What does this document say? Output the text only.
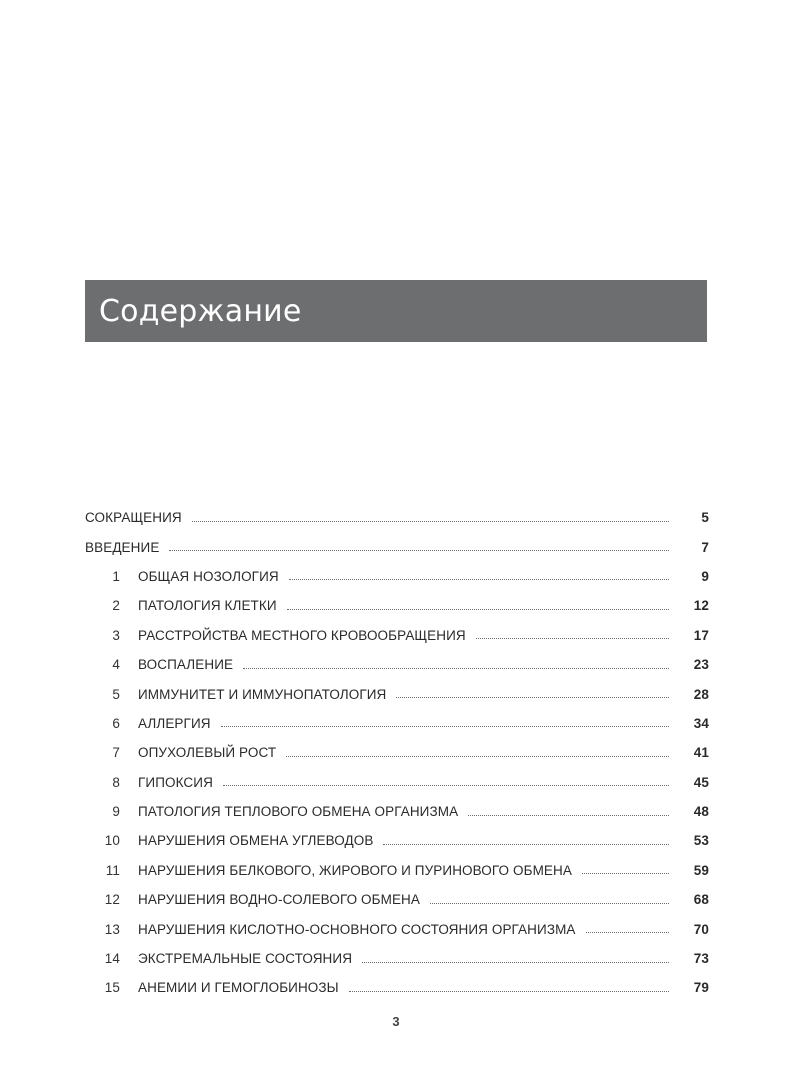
Содержание
СОКРАЩЕНИЯ	5
ВВЕДЕНИЕ	7
1 ОБЩАЯ НОЗОЛОГИЯ	9
2 ПАТОЛОГИЯ КЛЕТКИ	12
3 РАССТРОЙСТВА МЕСТНОГО КРОВООБРАЩЕНИЯ	17
4 ВОСПАЛЕНИЕ	23
5 ИММУНИТЕТ И ИММУНОПАТОЛОГИЯ	28
6 АЛЛЕРГИЯ	34
7 ОПУХОЛЕВЫЙ РОСТ	41
8 ГИПОКСИЯ	45
9 ПАТОЛОГИЯ ТЕПЛОВОГО ОБМЕНА ОРГАНИЗМА	48
10 НАРУШЕНИЯ ОБМЕНА УГЛЕВОДОВ	53
11 НАРУШЕНИЯ БЕЛКОВОГО, ЖИРОВОГО И ПУРИНОВОГО ОБМЕНА	59
12 НАРУШЕНИЯ ВОДНО-СОЛЕВОГО ОБМЕНА	68
13 НАРУШЕНИЯ КИСЛОТНО-ОСНОВНОГО СОСТОЯНИЯ ОРГАНИЗМА	70
14 ЭКСТРЕМАЛЬНЫЕ СОСТОЯНИЯ	73
15 АНЕМИИ И ГЕМОГЛОБИНОЗЫ	79
3
